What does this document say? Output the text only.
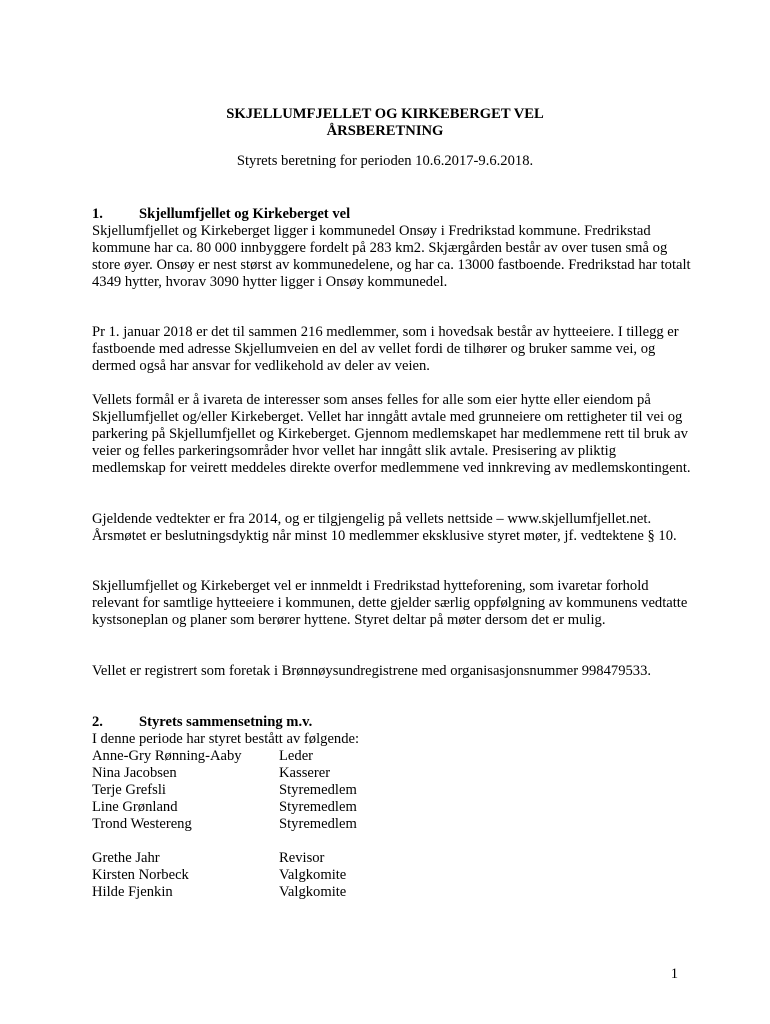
SKJELLUMFJELLET OG KIRKEBERGET VEL
ÅRSBERETNING
Styrets beretning for perioden 10.6.2017-9.6.2018.
1.	Skjellumfjellet og Kirkeberget vel

Skjellumfjellet og Kirkeberget ligger i kommunedel Onsøy i Fredrikstad kommune. Fredrikstad kommune har ca. 80 000 innbyggere fordelt på 283 km2. Skjærgården består av over tusen små og store øyer. Onsøy er nest størst av kommunedelene, og har ca. 13000 fastboende. Fredrikstad har totalt 4349 hytter, hvorav 3090 hytter ligger i Onsøy kommunedel.

Pr 1. januar 2018 er det til sammen 216 medlemmer, som i hovedsak består av hytteeiere. I tillegg er fastboende med adresse Skjellumveien en del av vellet fordi de tilhører og bruker samme vei, og dermed også har ansvar for vedlikehold av deler av veien.

Vellets formål er å ivareta de interesser som anses felles for alle som eier hytte eller eiendom på Skjellumfjellet og/eller Kirkeberget. Vellet har inngått avtale med grunneiere om rettigheter til vei og parkering på Skjellumfjellet og Kirkeberget. Gjennom medlemskapet har medlemmene rett til bruk av veier og felles parkeringsområder hvor vellet har inngått slik avtale. Presisering av pliktig medlemskap for veirett meddeles direkte overfor medlemmene ved innkreving av medlemskontingent.

Gjeldende vedtekter er fra 2014, og er tilgjengelig på vellets nettside – www.skjellumfjellet.net. Årsmøtet er beslutningsdyktig når minst 10 medlemmer eksklusive styret møter, jf. vedtektene § 10.

Skjellumfjellet og Kirkeberget vel er innmeldt i Fredrikstad hytteforening, som ivaretar forhold relevant for samtlige hytteeiere i kommunen, dette gjelder særlig oppfølgning av kommunens vedtatte kystsoneplan og planer som berører hyttene. Styret deltar på møter dersom det er mulig.

Vellet er registrert som foretak i Brønnøysundregistrene med organisasjonsnummer 998479533.

2.	Styrets sammensetning m.v.

I denne periode har styret bestått av følgende:

Anne-Gry Rønning-Aaby	Leder
Nina Jacobsen	Kasserer
Terje Grefsli	Styremedlem
Line Grønland	Styremedlem
Trond Westereng	Styremedlem
Grethe Jahr	Revisor
Kirsten Norbeck	Valgkomite
Hilde Fjenkin	Valgkomite
1
